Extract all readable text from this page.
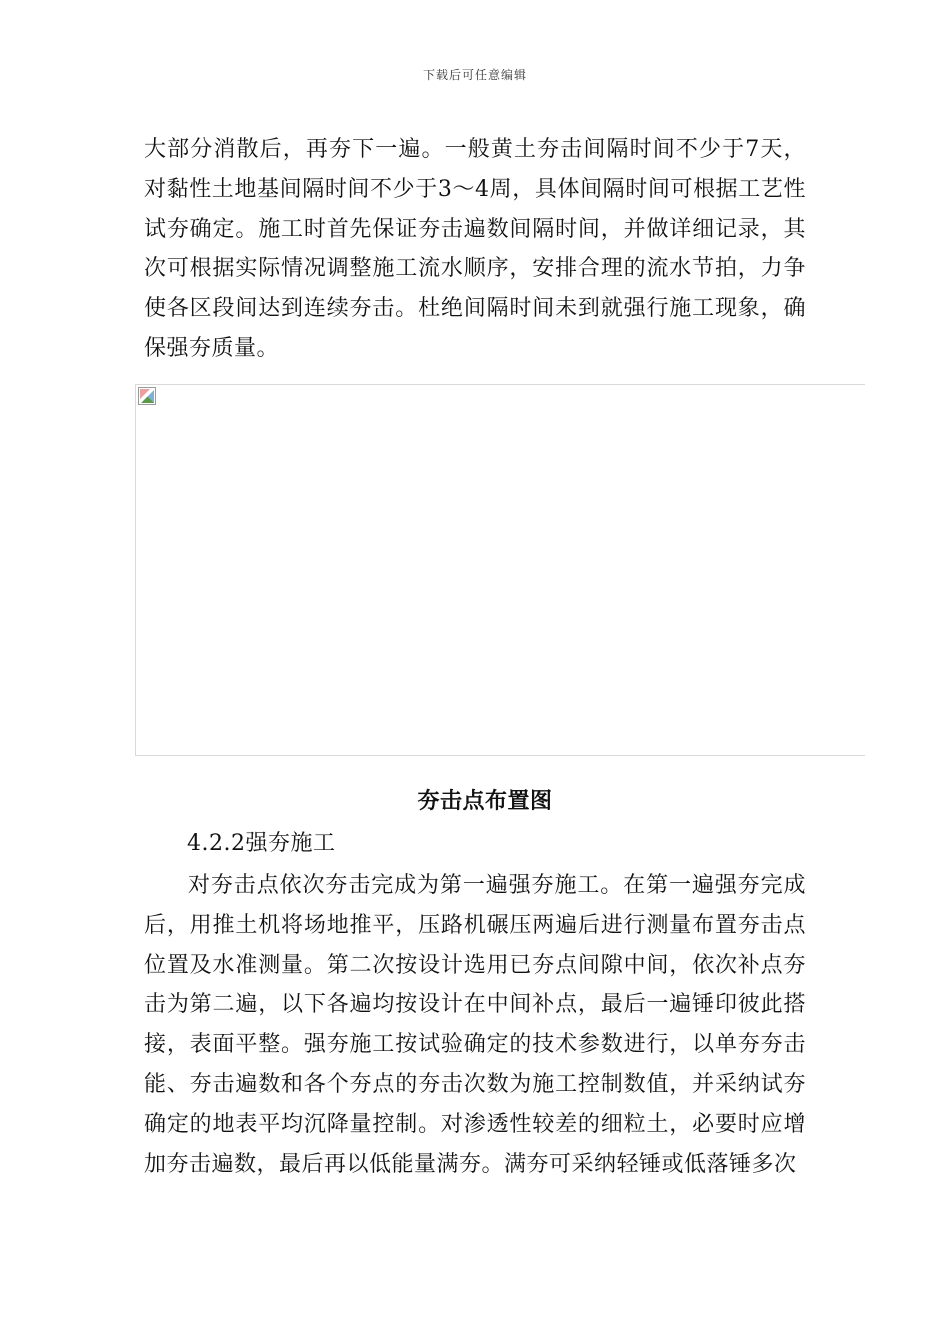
下载后可任意编辑

大部分消散后，再夯下一遍。一般黄土夯击间隔时间不少于7天，对黏性土地基间隔时间不少于3～4周，具体间隔时间可根据工艺性试夯确定。施工时首先保证夯击遍数间隔时间，并做详细记录，其次可根据实际情况调整施工流水顺序，安排合理的流水节拍，力争使各区段间达到连续夯击。杜绝间隔时间未到就强行施工现象，确保强夯质量。

夯击点布置图
4.2.2强夯施工

对夯击点依次夯击完成为第一遍强夯施工。在第一遍强夯完成后，用推土机将场地推平，压路机碾压两遍后进行测量布置夯击点位置及水准测量。第二次按设计选用已夯点间隙中间，依次补点夯击为第二遍，以下各遍均按设计在中间补点，最后一遍锤印彼此搭接，表面平整。强夯施工按试验确定的技术参数进行，以单夯夯击能、夯击遍数和各个夯点的夯击次数为施工控制数值，并采纳试夯确定的地表平均沉降量控制。对渗透性较差的细粒土，必要时应增加夯击遍数，最后再以低能量满夯。满夯可采纳轻锤或低落锤多次
